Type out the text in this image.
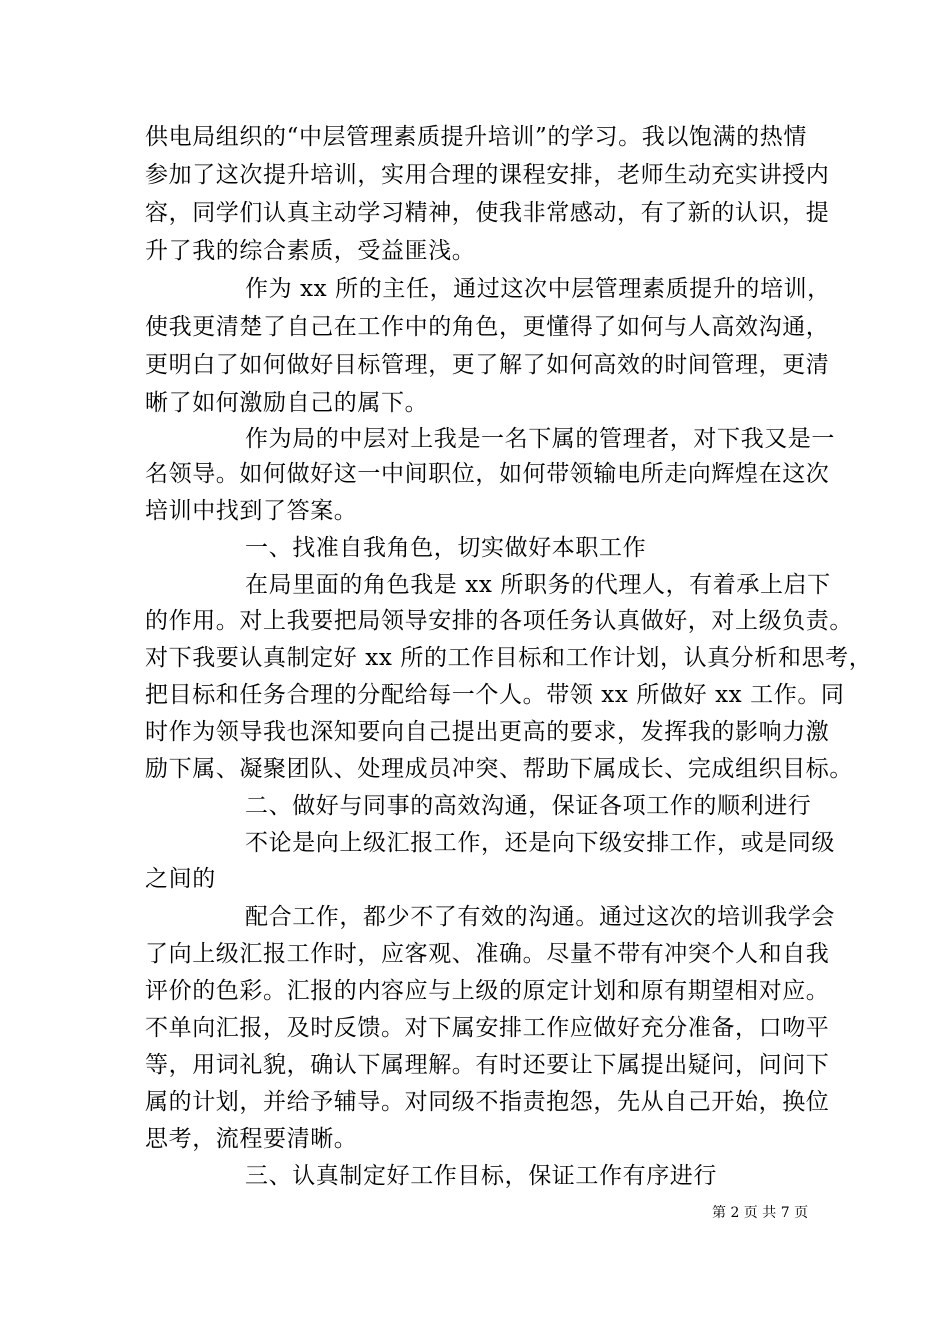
供电局组织的“中层管理素质提升培训”的学习。我以饱满的热情
参加了这次提升培训，实用合理的课程安排，老师生动充实讲授内
容，同学们认真主动学习精神，使我非常感动，有了新的认识，提
升了我的综合素质，受益匪浅。
作为 xx 所的主任，通过这次中层管理素质提升的培训，
使我更清楚了自己在工作中的角色，更懂得了如何与人高效沟通，
更明白了如何做好目标管理，更了解了如何高效的时间管理，更清
晰了如何激励自己的属下。
作为局的中层对上我是一名下属的管理者，对下我又是一
名领导。如何做好这一中间职位，如何带领输电所走向辉煌在这次
培训中找到了答案。
一、找准自我角色，切实做好本职工作
在局里面的角色我是 xx 所职务的代理人，有着承上启下
的作用。对上我要把局领导安排的各项任务认真做好，对上级负责。
对下我要认真制定好 xx 所的工作目标和工作计划，认真分析和思考，
把目标和任务合理的分配给每一个人。带领 xx 所做好 xx 工作。同
时作为领导我也深知要向自己提出更高的要求，发挥我的影响力激
励下属、凝聚团队、处理成员冲突、帮助下属成长、完成组织目标。
二、做好与同事的高效沟通，保证各项工作的顺利进行
不论是向上级汇报工作，还是向下级安排工作，或是同级
之间的
配合工作，都少不了有效的沟通。通过这次的培训我学会
了向上级汇报工作时，应客观、准确。尽量不带有冲突个人和自我
评价的色彩。汇报的内容应与上级的原定计划和原有期望相对应。
不单向汇报，及时反馈。对下属安排工作应做好充分准备，口吻平
等，用词礼貌，确认下属理解。有时还要让下属提出疑问，问问下
属的计划，并给予辅导。对同级不指责抱怨，先从自己开始，换位
思考，流程要清晰。
三、认真制定好工作目标，保证工作有序进行
第 2 页 共 7 页
